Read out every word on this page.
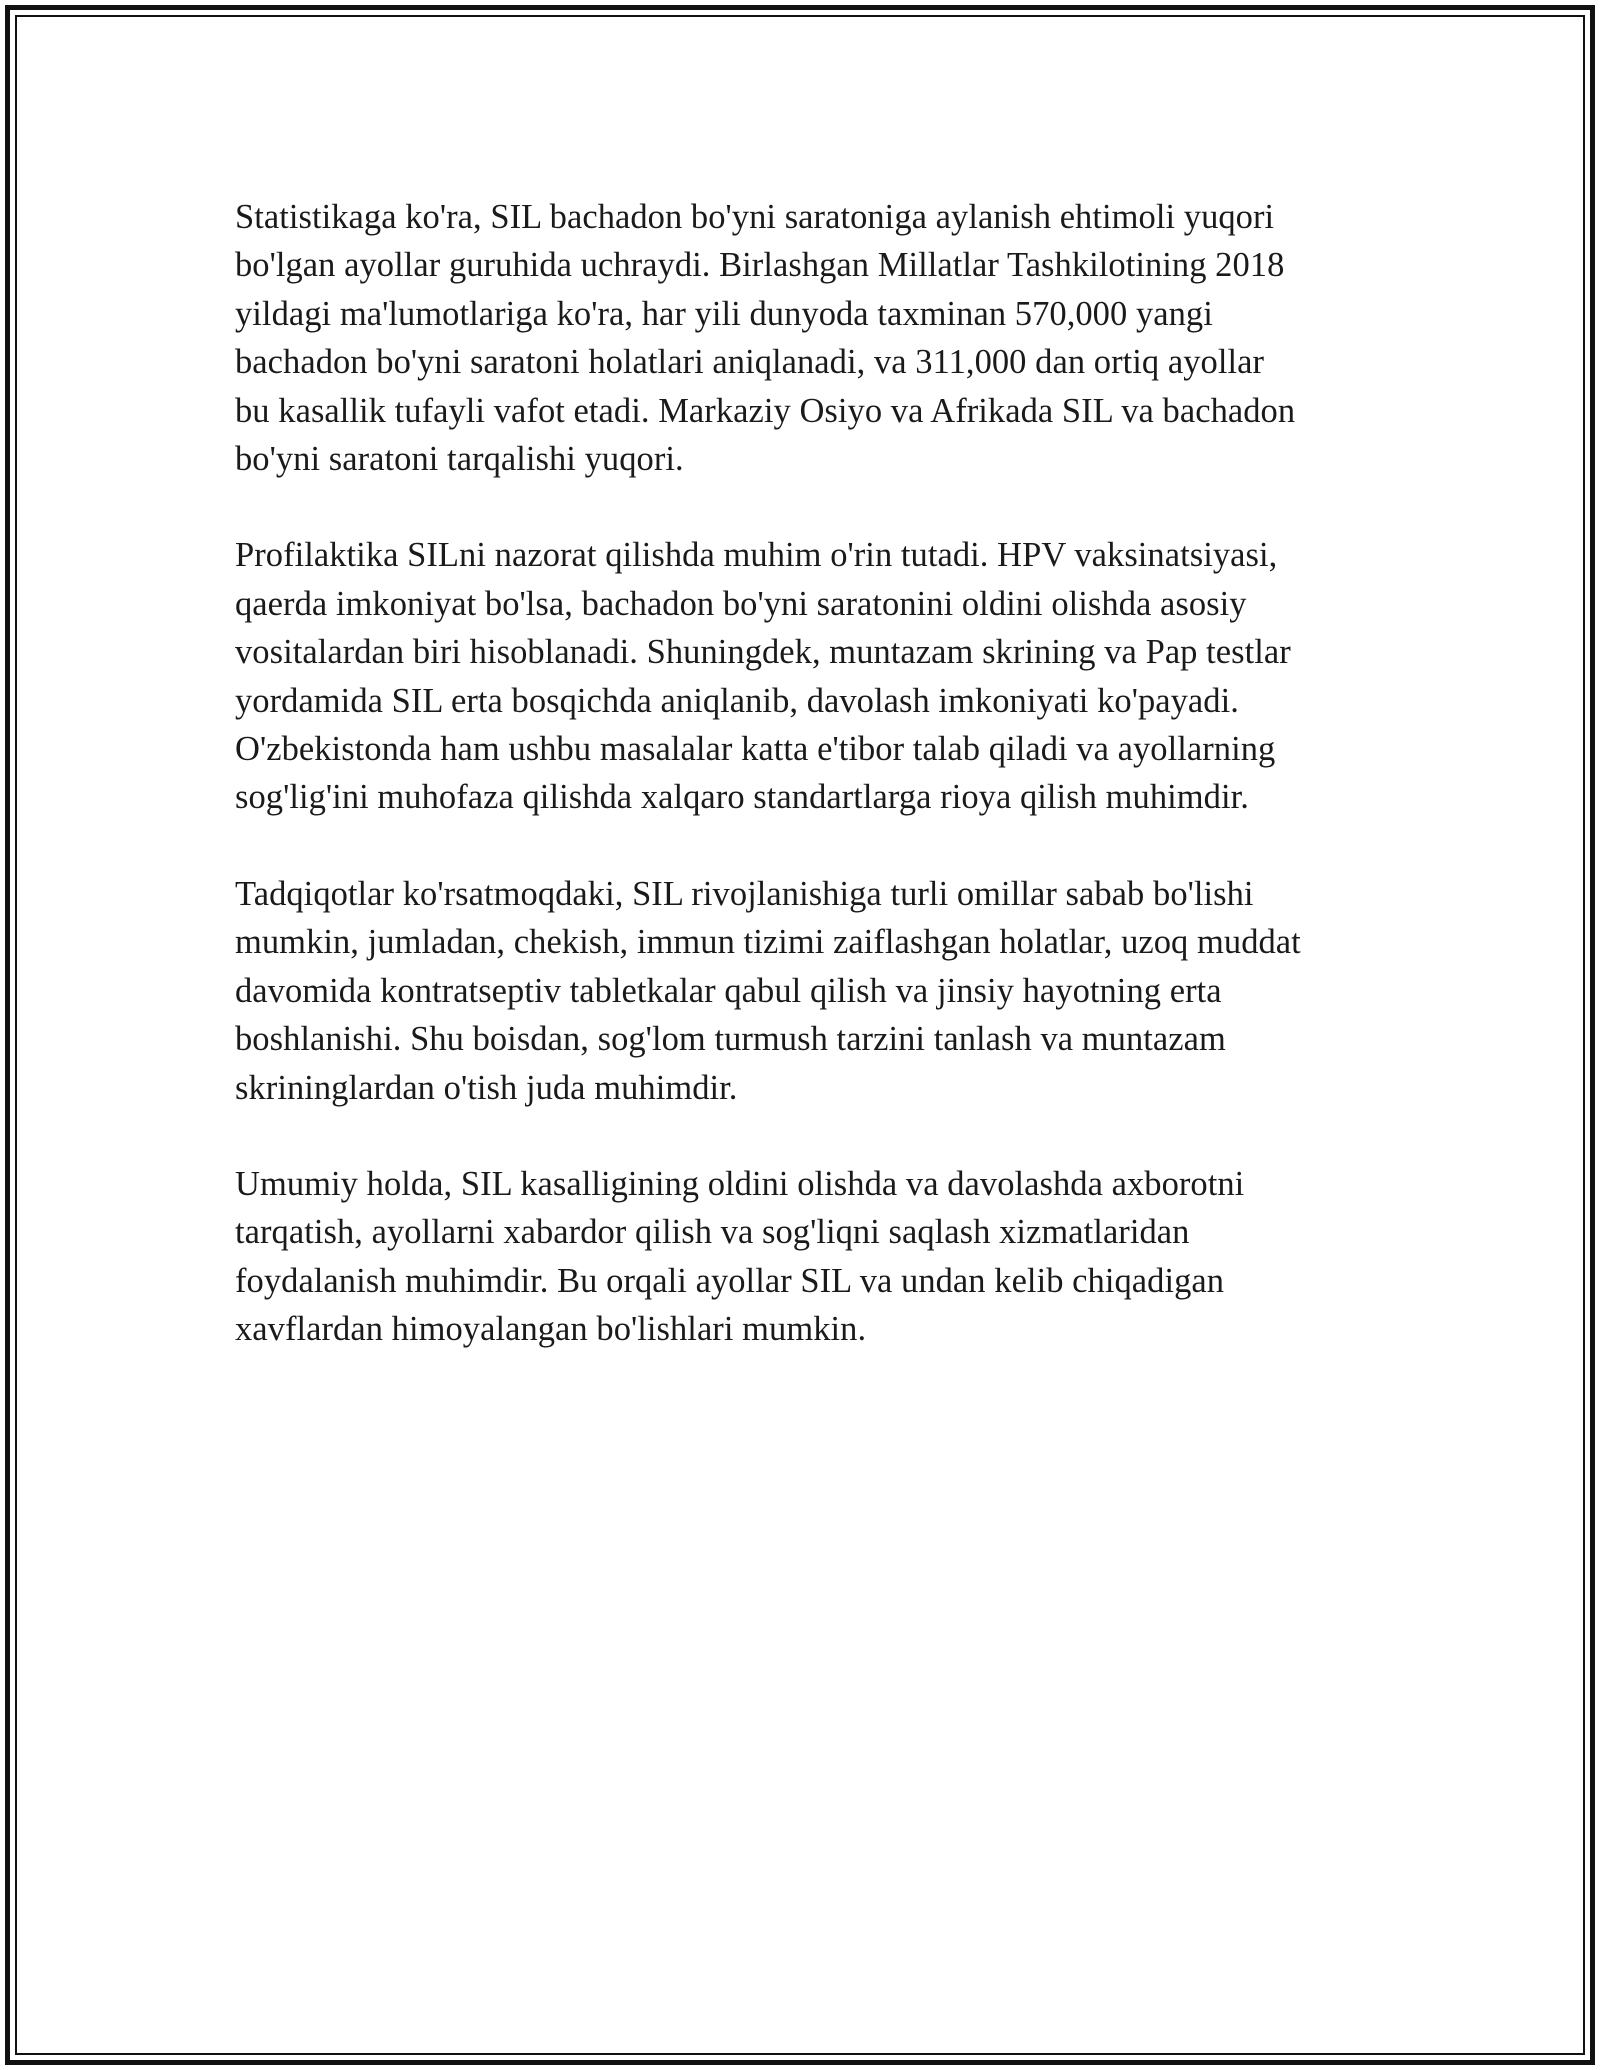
Statistikaga ko'ra, SIL bachadon bo'yni saratoniga aylanish ehtimoli yuqori
bo'lgan ayollar guruhida uchraydi. Birlashgan Millatlar Tashkilotining 2018
yildagi ma'lumotlariga ko'ra, har yili dunyoda taxminan 570,000 yangi
bachadon bo'yni saratoni holatlari aniqlanadi, va 311,000 dan ortiq ayollar
bu kasallik tufayli vafot etadi. Markaziy Osiyo va Afrikada SIL va bachadon
bo'yni saratoni tarqalishi yuqori.

Profilaktika SILni nazorat qilishda muhim o'rin tutadi. HPV vaksinatsiyasi,
qaerda imkoniyat bo'lsa, bachadon bo'yni saratonini oldini olishda asosiy
vositalardan biri hisoblanadi. Shuningdek, muntazam skrining va Pap testlar
yordamida SIL erta bosqichda aniqlanib, davolash imkoniyati ko'payadi.
O'zbekistonda ham ushbu masalalar katta e'tibor talab qiladi va ayollarning
sog'lig'ini muhofaza qilishda xalqaro standartlarga rioya qilish muhimdir.

Tadqiqotlar ko'rsatmoqdaki, SIL rivojlanishiga turli omillar sabab bo'lishi
mumkin, jumladan, chekish, immun tizimi zaiflashgan holatlar, uzoq muddat
davomida kontratseptiv tabletkalar qabul qilish va jinsiy hayotning erta
boshlanishi. Shu boisdan, sog'lom turmush tarzini tanlash va muntazam
skrininglardan o'tish juda muhimdir.

Umumiy holda, SIL kasalligining oldini olishda va davolashda axborotni
tarqatish, ayollarni xabardor qilish va sog'liqni saqlash xizmatlaridan
foydalanish muhimdir. Bu orqali ayollar SIL va undan kelib chiqadigan
xavflardan himoyalangan bo'lishlari mumkin.
